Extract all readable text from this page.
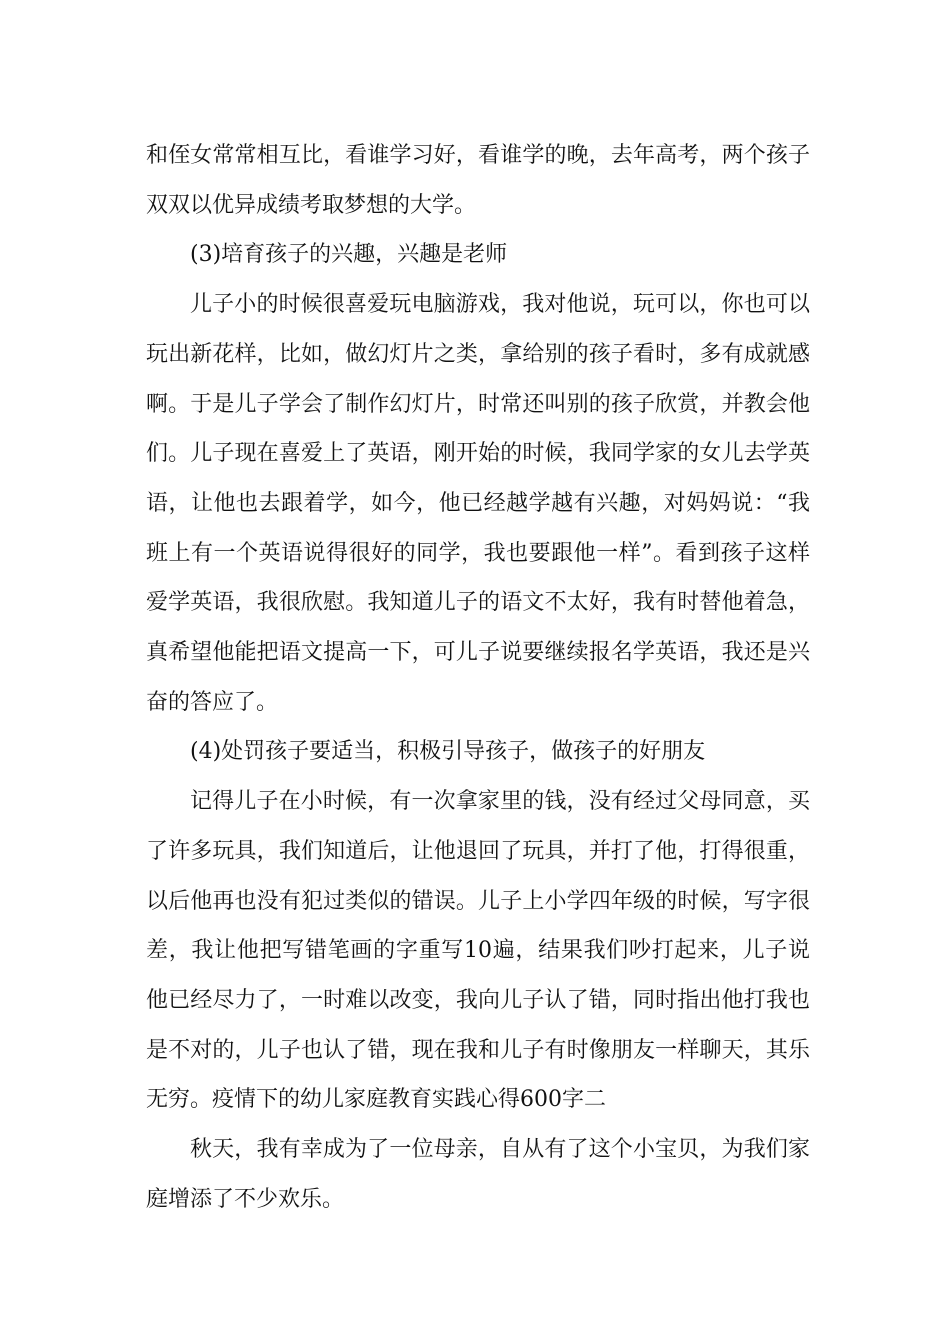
和侄女常常相互比，看谁学习好，看谁学的晚，去年高考，两个孩子双双以优异成绩考取梦想的大学。

(3)培育孩子的兴趣，兴趣是老师

儿子小的时候很喜爱玩电脑游戏，我对他说，玩可以，你也可以玩出新花样，比如，做幻灯片之类，拿给别的孩子看时，多有成就感啊。于是儿子学会了制作幻灯片，时常还叫别的孩子欣赏，并教会他们。儿子现在喜爱上了英语，刚开始的时候，我同学家的女儿去学英语，让他也去跟着学，如今，他已经越学越有兴趣，对妈妈说：“我班上有一个英语说得很好的同学，我也要跟他一样”。看到孩子这样爱学英语，我很欣慰。我知道儿子的语文不太好，我有时替他着急，真希望他能把语文提高一下，可儿子说要继续报名学英语，我还是兴奋的答应了。

(4)处罚孩子要适当，积极引导孩子，做孩子的好朋友

记得儿子在小时候，有一次拿家里的钱，没有经过父母同意，买了许多玩具，我们知道后，让他退回了玩具，并打了他，打得很重，以后他再也没有犯过类似的错误。儿子上小学四年级的时候，写字很差，我让他把写错笔画的字重写10遍，结果我们吵打起来，儿子说他已经尽力了，一时难以改变，我向儿子认了错，同时指出他打我也是不对的，儿子也认了错，现在我和儿子有时像朋友一样聊天，其乐无穷。疫情下的幼儿家庭教育实践心得600字二

秋天，我有幸成为了一位母亲，自从有了这个小宝贝，为我们家庭增添了不少欢乐。
